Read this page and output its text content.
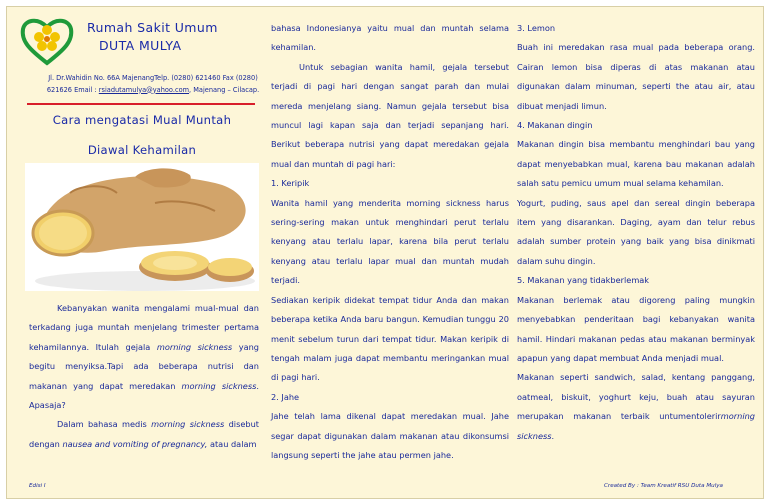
Rumah Sakit Umum
DUTA MULYA
Jl. Dr.Wahidin No. 66A MajenangTelp. (0280) 621460 Fax (0280)
621626 Email : rsiadutamulya@yahoo.com, Majenang – Cilacap.
Cara mengatasi Mual Muntah
Diawal Kehamilan

Kebanyakan wanita mengalami mual-mual dan terkadang juga muntah menjelang trimester pertama kehamilannya. Itulah gejala morning sickness yang begitu menyiksa.Tapi ada beberapa nutrisi dan makanan yang dapat meredakan morning sickness. Apasaja?

Dalam bahasa medis morning sickness disebut dengan nausea and vomiting of pregnancy, atau dalam

bahasa Indonesianya yaitu mual dan muntah selama kehamilan.

Untuk sebagian wanita hamil, gejala tersebut terjadi di pagi hari dengan sangat parah dan mulai mereda menjelang siang. Namun gejala tersebut bisa muncul lagi kapan saja dan terjadi sepanjang hari. Berikut beberapa nutrisi yang dapat meredakan gejala mual dan muntah di pagi hari:

1. Keripik

Wanita hamil yang menderita morning sickness harus sering-sering makan untuk menghindari perut terlalu kenyang atau terlalu lapar, karena bila perut terlalu kenyang atau terlalu lapar mual dan muntah mudah terjadi.

Sediakan keripik didekat tempat tidur Anda dan makan beberapa ketika Anda baru bangun. Kemudian tunggu 20 menit sebelum turun dari tempat tidur. Makan keripik di tengah malam juga dapat membantu meringankan mual di pagi hari.

2. Jahe

Jahe telah lama dikenal dapat meredakan mual. Jahe segar dapat digunakan dalam makanan atau dikonsumsi langsung seperti the jahe atau permen jahe.

3. Lemon

Buah ini meredakan rasa mual pada beberapa orang. Cairan lemon bisa diperas di atas makanan atau digunakan dalam minuman, seperti the atau air, atau dibuat menjadi limun.

4. Makanan dingin

Makanan dingin bisa membantu menghindari bau yang dapat menyebabkan mual, karena bau makanan adalah salah satu pemicu umum mual selama kehamilan.

Yogurt, puding, saus apel dan sereal dingin beberapa item yang disarankan. Daging, ayam dan telur rebus adalah sumber protein yang baik yang bisa dinikmati dalam suhu dingin.

5. Makanan yang tidakberlemak

Makanan berlemak atau digoreng paling mungkin menyebabkan penderitaan bagi kebanyakan wanita hamil. Hindari makanan pedas atau makanan berminyak apapun yang dapat membuat Anda menjadi mual.

Makanan seperti sandwich, salad, kentang panggang, oatmeal, biskuit, yoghurt keju, buah atau sayuran merupakan makanan terbaik untumentolerirmorning sickness.

Edisi I	Created By : Team Kreatif RSU Duta Mulya
